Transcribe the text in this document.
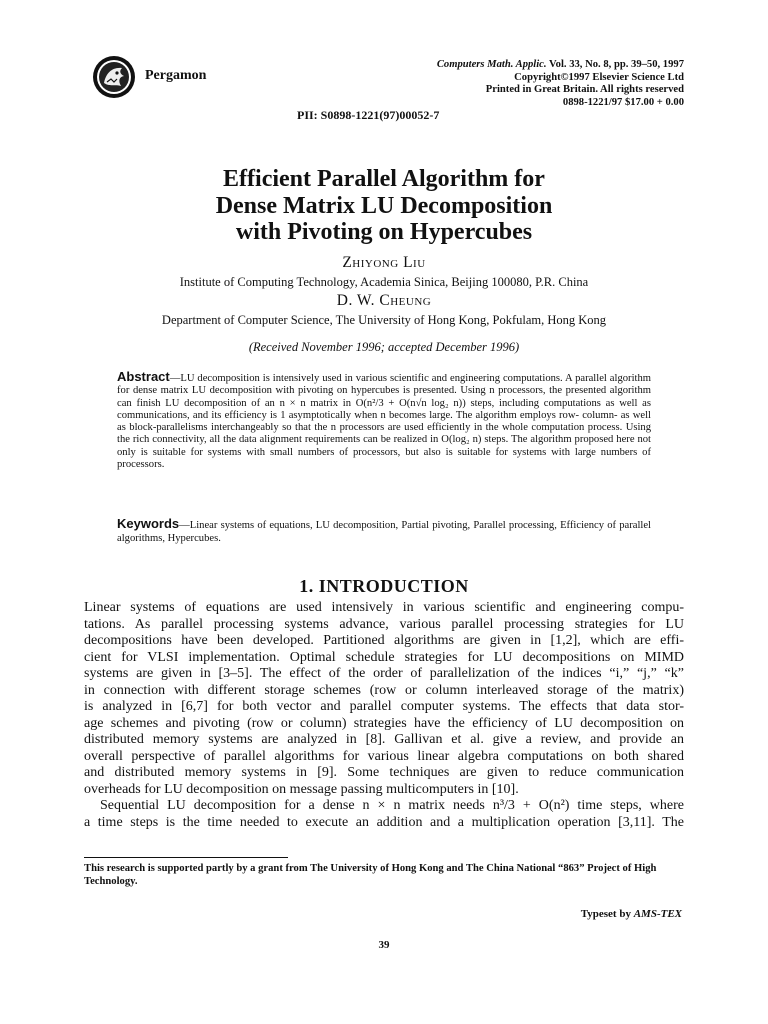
Pergamon
Computers Math. Applic. Vol. 33, No. 8, pp. 39–50, 1997
Copyright©1997 Elsevier Science Ltd
Printed in Great Britain. All rights reserved
0898-1221/97 $17.00 + 0.00
PII: S0898-1221(97)00052-7
Efficient Parallel Algorithm for
Dense Matrix LU Decomposition
with Pivoting on Hypercubes
Zhiyong Liu
Institute of Computing Technology, Academia Sinica, Beijing 100080, P.R. China
D. W. Cheung
Department of Computer Science, The University of Hong Kong, Pokfulam, Hong Kong
(Received November 1996; accepted December 1996)
Abstract—LU decomposition is intensively used in various scientific and engineering computations. A parallel algorithm for dense matrix LU decomposition with pivoting on hypercubes is presented. Using n processors, the presented algorithm can finish LU decomposition of an n × n matrix in O(n²/3 + O(n√n log₂ n)) steps, including computations as well as communications, and its efficiency is 1 asymptotically when n becomes large. The algorithm employs row- column- as well as block-parallelisms interchangeably so that the n processors are used efficiently in the whole computation process. Using the rich connectivity, all the data alignment requirements can be realized in O(log₂ n) steps. The algorithm proposed here not only is suitable for systems with small numbers of processors, but also is suitable for systems with large numbers of processors.
Keywords—Linear systems of equations, LU decomposition, Partial pivoting, Parallel processing, Efficiency of parallel algorithms, Hypercubes.
1. INTRODUCTION
Linear systems of equations are used intensively in various scientific and engineering compu-
tations. As parallel processing systems advance, various parallel processing strategies for LU
decompositions have been developed. Partitioned algorithms are given in [1,2], which are effi-
cient for VLSI implementation. Optimal schedule strategies for LU decompositions on MIMD
systems are given in [3–5]. The effect of the order of parallelization of the indices “i,” “j,” “k”
in connection with different storage schemes (row or column interleaved storage of the matrix)
is analyzed in [6,7] for both vector and parallel computer systems. The effects that data stor-
age schemes and pivoting (row or column) strategies have the efficiency of LU decomposition on
distributed memory systems are analyzed in [8]. Gallivan et al. give a review, and provide an
overall perspective of parallel algorithms for various linear algebra computations on both shared
and distributed memory systems in [9]. Some techniques are given to reduce communication
overheads for LU decomposition on message passing multicomputers in [10].
Sequential LU decomposition for a dense n × n matrix needs n³/3 + O(n²) time steps, where
a time steps is the time needed to execute an addition and a multiplication operation [3,11]. The
This research is supported partly by a grant from The University of Hong Kong and The China National “863” Project of High Technology.
Typeset by AMS-TEX
39
